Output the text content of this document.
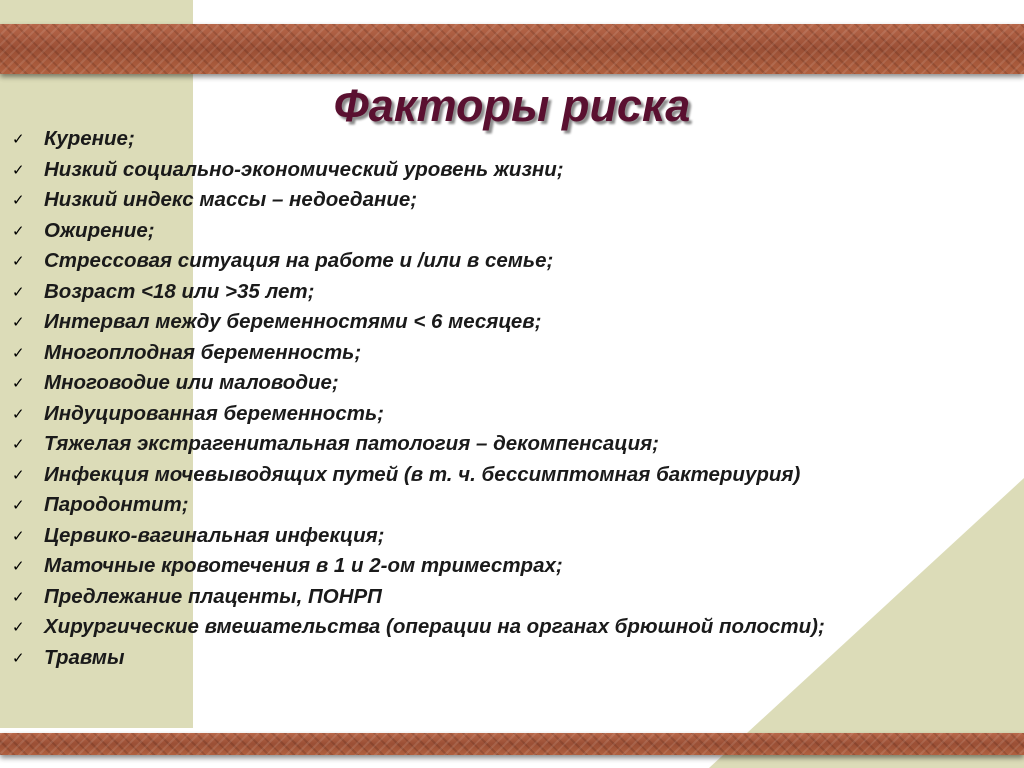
Факторы риска
✓ Курение;
✓ Низкий социально-экономический уровень жизни;
✓ Низкий индекс массы – недоедание;
✓ Ожирение;
✓ Стрессовая ситуация на работе и /или в семье;
✓ Возраст <18 или >35 лет;
✓ Интервал между беременностями < 6 месяцев;
✓ Многоплодная беременность;
✓ Многоводие или маловодие;
✓ Индуцированная беременность;
✓ Тяжелая экстрагенитальная патология – декомпенсация;
✓ Инфекция мочевыводящих путей (в т. ч. бессимптомная бактериурия)
✓ Пародонтит;
✓ Цервико-вагинальная инфекция;
✓ Маточные кровотечения в 1 и 2-ом триместрах;
✓ Предлежание плаценты, ПОНРП
✓ Хирургические вмешательства (операции на органах брюшной полости);
✓ Травмы
